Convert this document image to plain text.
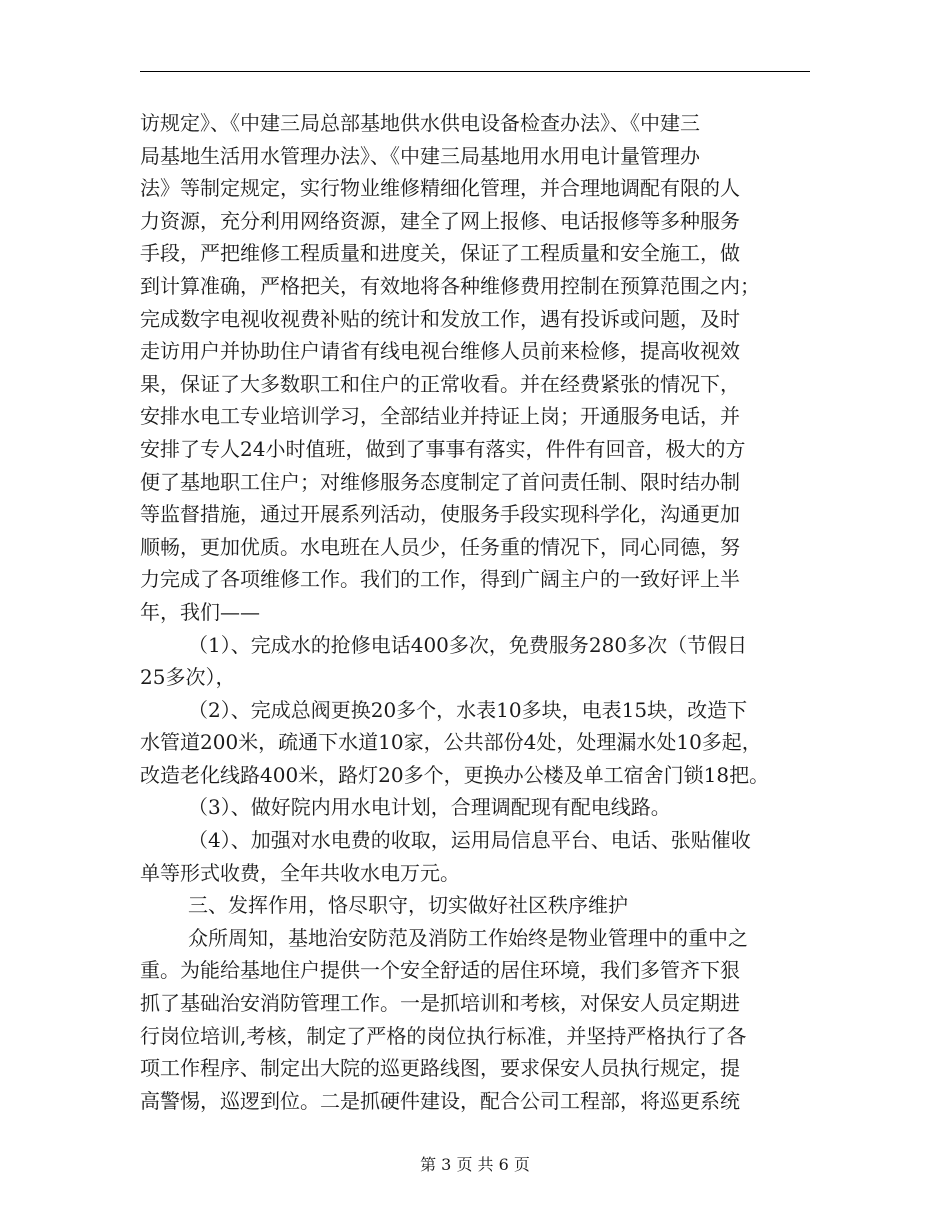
访规定》、《中建三局总部基地供水供电设备检查办法》、《中建三
局基地生活用水管理办法》、《中建三局基地用水用电计量管理办
法》等制定规定，实行物业维修精细化管理，并合理地调配有限的人
力资源，充分利用网络资源，建全了网上报修、电话报修等多种服务
手段，严把维修工程质量和进度关，保证了工程质量和安全施工，做
到计算准确，严格把关，有效地将各种维修费用控制在预算范围之内；
完成数字电视收视费补贴的统计和发放工作，遇有投诉或问题，及时
走访用户并协助住户请省有线电视台维修人员前来检修，提高收视效
果，保证了大多数职工和住户的正常收看。并在经费紧张的情况下，
安排水电工专业培训学习，全部结业并持证上岗；开通服务电话，并
安排了专人24小时值班，做到了事事有落实，件件有回音，极大的方
便了基地职工住户；对维修服务态度制定了首问责任制、限时结办制
等监督措施，通过开展系列活动，使服务手段实现科学化，沟通更加
顺畅，更加优质。水电班在人员少，任务重的情况下，同心同德，努
力完成了各项维修工作。我们的工作，得到广阔主户的一致好评上半
年，我们——
（1）、完成水的抢修电话400多次，免费服务280多次（节假日
25多次），
（2）、完成总阀更换20多个，水表10多块，电表15块，改造下
水管道200米，疏通下水道10家，公共部份4处，处理漏水处10多起，
改造老化线路400米，路灯20多个，更换办公楼及单工宿舍门锁18把。
（3）、做好院内用水电计划，合理调配现有配电线路。
（4）、加强对水电费的收取，运用局信息平台、电话、张贴催收
单等形式收费，全年共收水电万元。
三、发挥作用，恪尽职守，切实做好社区秩序维护
众所周知，基地治安防范及消防工作始终是物业管理中的重中之
重。为能给基地住户提供一个安全舒适的居住环境，我们多管齐下狠
抓了基础治安消防管理工作。一是抓培训和考核，对保安人员定期进
行岗位培训,考核，制定了严格的岗位执行标准，并坚持严格执行了各
项工作程序、制定出大院的巡更路线图，要求保安人员执行规定，提
高警惕，巡逻到位。二是抓硬件建设，配合公司工程部，将巡更系统
第 3 页 共 6 页
